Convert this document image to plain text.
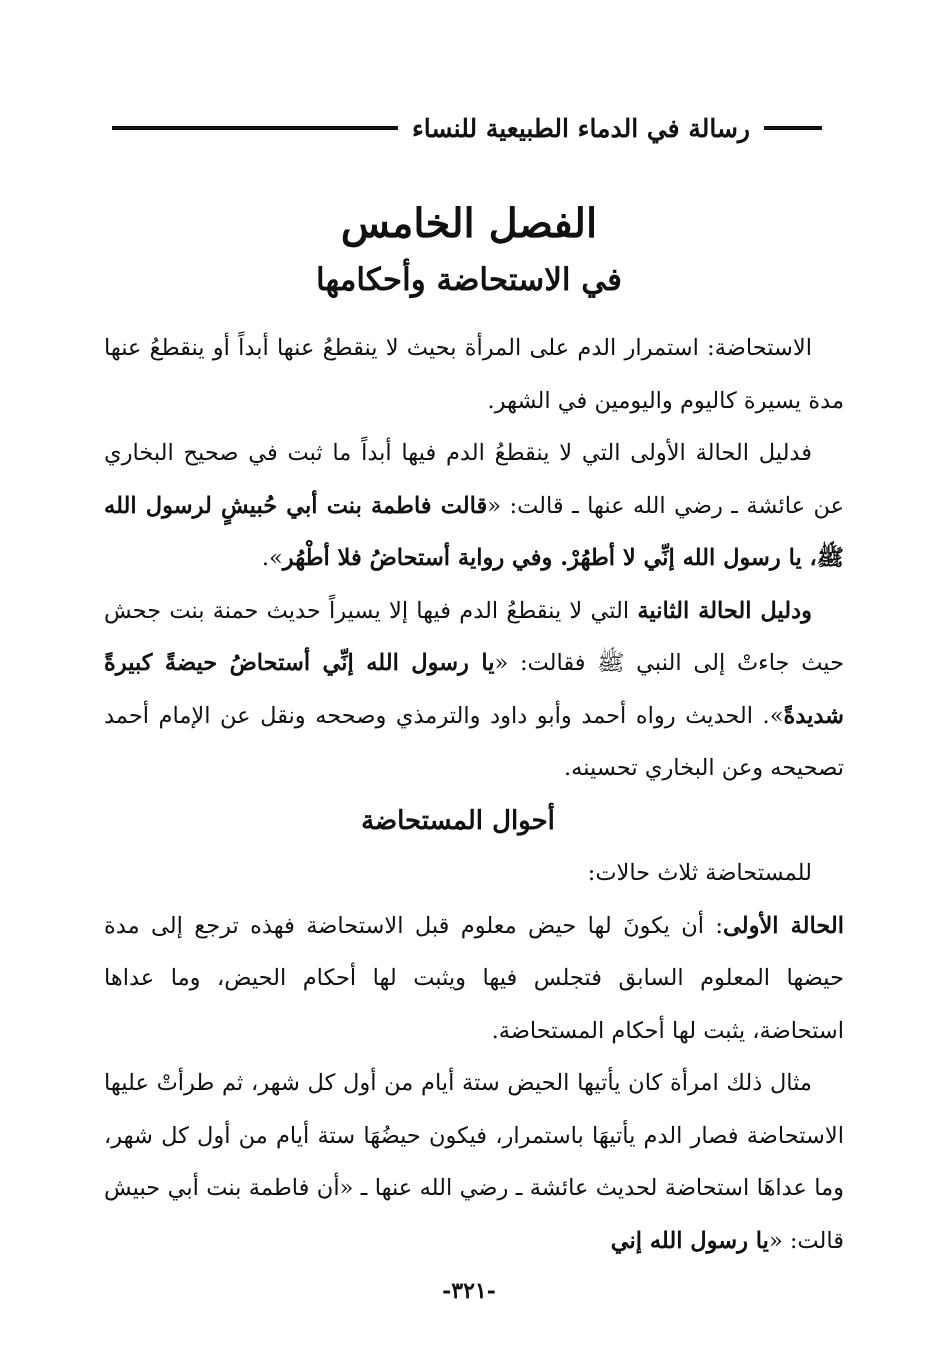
رسالة في الدماء الطبيعية للنساء
الفصل الخامس
في الاستحاضة وأحكامها

الاستحاضة: استمرار الدم على المرأة بحيث لا ينقطعُ عنها أبداً أو ينقطعُ عنها مدة يسيرة كاليوم واليومين في الشهر.

فدليل الحالة الأولى التي لا ينقطعُ الدم فيها أبداً ما ثبت في صحيح البخاري عن عائشة ـ رضي الله عنها ـ قالت: «قالت فاطمة بنت أبي حُبيشٍ لرسول الله ﷺ، يا رسول الله إنِّي لا أطهُرْ. وفي رواية أستحاضُ فلا أطْهُر».

ودليل الحالة الثانية التي لا ينقطعُ الدم فيها إلا يسيراً حديث حمنة بنت جحش حيث جاءتْ إلى النبي ﷺ فقالت: «يا رسول الله إنِّي أستحاضُ حيضةً كبيرةً شديدةً». الحديث رواه أحمد وأبو داود والترمذي وصححه ونقل عن الإمام أحمد تصحيحه وعن البخاري تحسينه.

أحوال المستحاضة

للمستحاضة ثلاث حالات:

الحالة الأولى: أن يكونَ لها حيض معلوم قبل الاستحاضة فهذه ترجع إلى مدة حيضها المعلوم السابق فتجلس فيها ويثبت لها أحكام الحيض، وما عداها استحاضة، يثبت لها أحكام المستحاضة.

مثال ذلك امرأة كان يأتيها الحيض ستة أيام من أول كل شهر، ثم طرأتْ عليها الاستحاضة فصار الدم يأتيهَا باستمرار، فيكون حيضُهَا ستة أيام من أول كل شهر، وما عداهَا استحاضة لحديث عائشة ـ رضي الله عنها ـ «أن فاطمة بنت أبي حبيش قالت: «يا رسول الله إني

-٣٢١-
